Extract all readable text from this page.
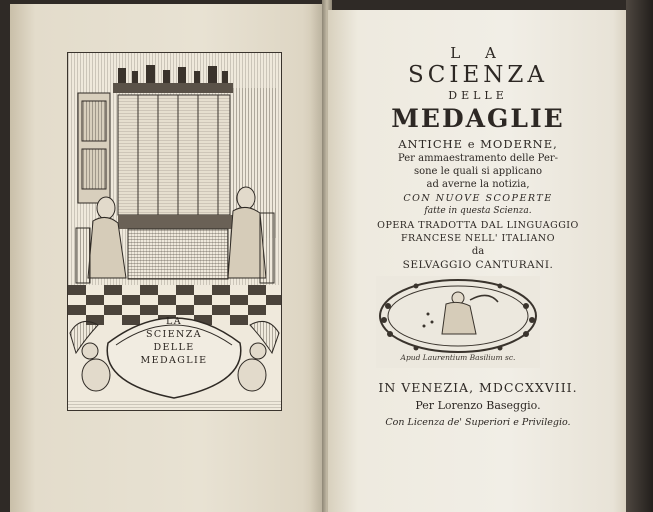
LA
SCIENZA
DELLE
MEDAGLIE
L A
SCIENZA
DELLE
MEDAGLIE
ANTICHE e MODERNE,
Per ammaestramento delle Per-
sone le quali si applicano
ad averne la notizia,
CON NUOVE SCOPERTE
fatte in questa Scienza.
OPERA TRADOTTA DAL LINGUAGGIO
FRANCESE NELL' ITALIANO
da
SELVAGGIO CANTURANI.
Apud Laurentium Basilium sc.
IN VENEZIA, MDCCXXVIII.
Per Lorenzo Baseggio.
Con Licenza de' Superiori e Privilegio.
